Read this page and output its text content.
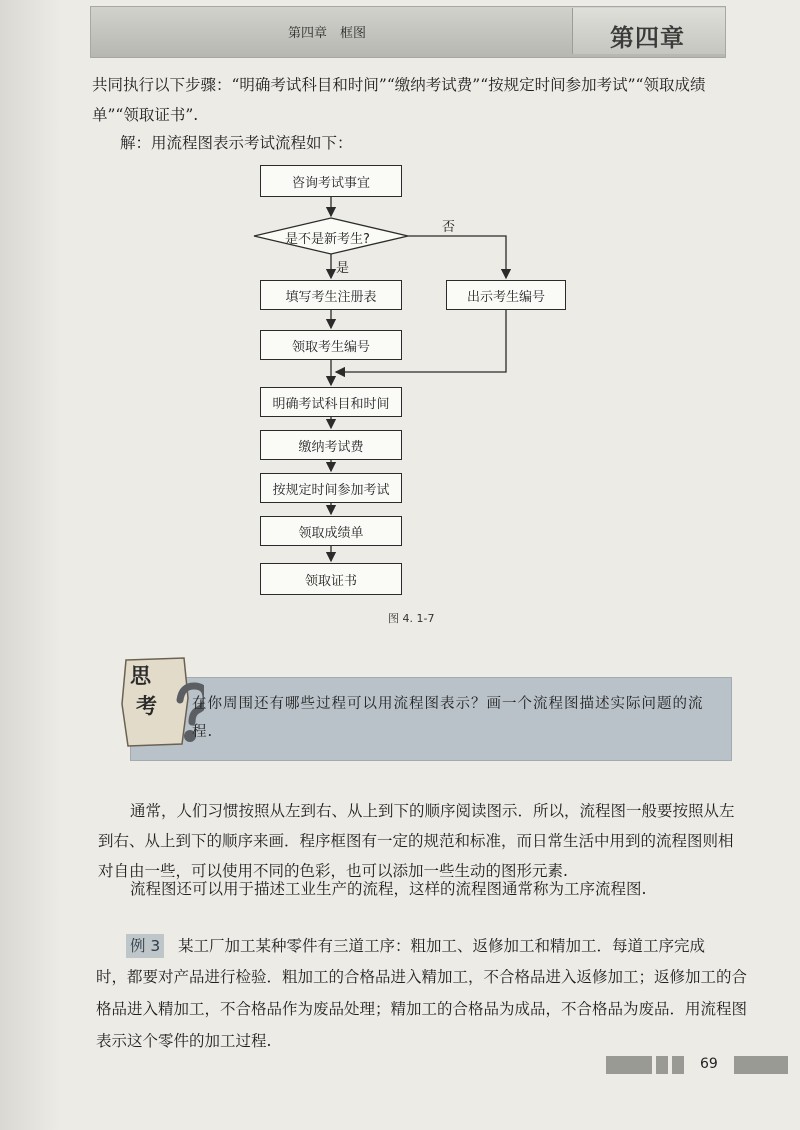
第四章　框图	第四章
共同执行以下步骤：“明确考试科目和时间”“缴纳考试费”“按规定时间参加考试”“领取成绩单”“领取证书”.
解：用流程图表示考试流程如下：
咨询考试事宜
是不是新考生?
是
否
填写考生注册表	出示考生编号
领取考生编号
明确考试科目和时间
缴纳考试费
按规定时间参加考试
领取成绩单
领取证书
图 4. 1-7
思
考 在你周围还有哪些过程可以用流程图表示？画一个流程图描述实际问题的流程.
通常，人们习惯按照从左到右、从上到下的顺序阅读图示．所以，流程图一般要按照从左到右、从上到下的顺序来画．程序框图有一定的规范和标准，而日常生活中用到的流程图则相对自由一些，可以使用不同的色彩，也可以添加一些生动的图形元素.
流程图还可以用于描述工业生产的流程，这样的流程图通常称为工序流程图.
例 3 某工厂加工某种零件有三道工序：粗加工、返修加工和精加工．每道工序完成
时，都要对产品进行检验．粗加工的合格品进入精加工，不合格品进入返修加工；返修加工的合格品进入精加工，不合格品作为废品处理；精加工的合格品为成品，不合格品为废品．用流程图表示这个零件的加工过程.
69
